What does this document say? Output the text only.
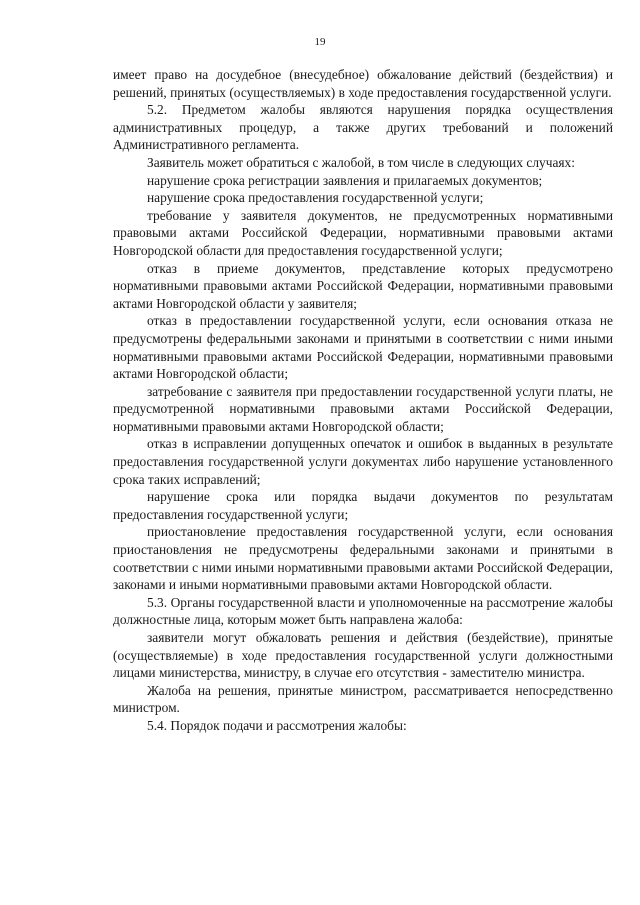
19

имеет право на досудебное (внесудебное) обжалование действий (бездействия) и решений, принятых (осуществляемых) в ходе предоставления государственной услуги.

5.2. Предметом жалобы являются нарушения порядка осуществления административных процедур, а также других требований и положений Административного регламента.

Заявитель может обратиться с жалобой, в том числе в следующих случаях:

нарушение срока регистрации заявления и прилагаемых документов;

нарушение срока предоставления государственной услуги;

требование у заявителя документов, не предусмотренных нормативными правовыми актами Российской Федерации, нормативными правовыми актами Новгородской области для предоставления государственной услуги;

отказ в приеме документов, представление которых предусмотрено нормативными правовыми актами Российской Федерации, нормативными правовыми актами Новгородской области у заявителя;

отказ в предоставлении государственной услуги, если основания отказа не предусмотрены федеральными законами и принятыми в соответствии с ними иными нормативными правовыми актами Российской Федерации, нормативными правовыми актами Новгородской области;

затребование с заявителя при предоставлении государственной услуги платы, не предусмотренной нормативными правовыми актами Российской Федерации, нормативными правовыми актами Новгородской области;

отказ в исправлении допущенных опечаток и ошибок в выданных в результате предоставления государственной услуги документах либо нарушение установленного срока таких исправлений;

нарушение срока или порядка выдачи документов по результатам предоставления государственной услуги;

приостановление предоставления государственной услуги, если основания приостановления не предусмотрены федеральными законами и принятыми в соответствии с ними иными нормативными правовыми актами Российской Федерации, законами и иными нормативными правовыми актами Новгородской области.

5.3. Органы государственной власти и уполномоченные на рассмотрение жалобы должностные лица, которым может быть направлена жалоба:

заявители могут обжаловать решения и действия (бездействие), принятые (осуществляемые) в ходе предоставления государственной услуги должностными лицами министерства, министру, в случае его отсутствия - заместителю министра.

Жалоба на решения, принятые министром, рассматривается непосредственно министром.

5.4. Порядок подачи и рассмотрения жалобы:
